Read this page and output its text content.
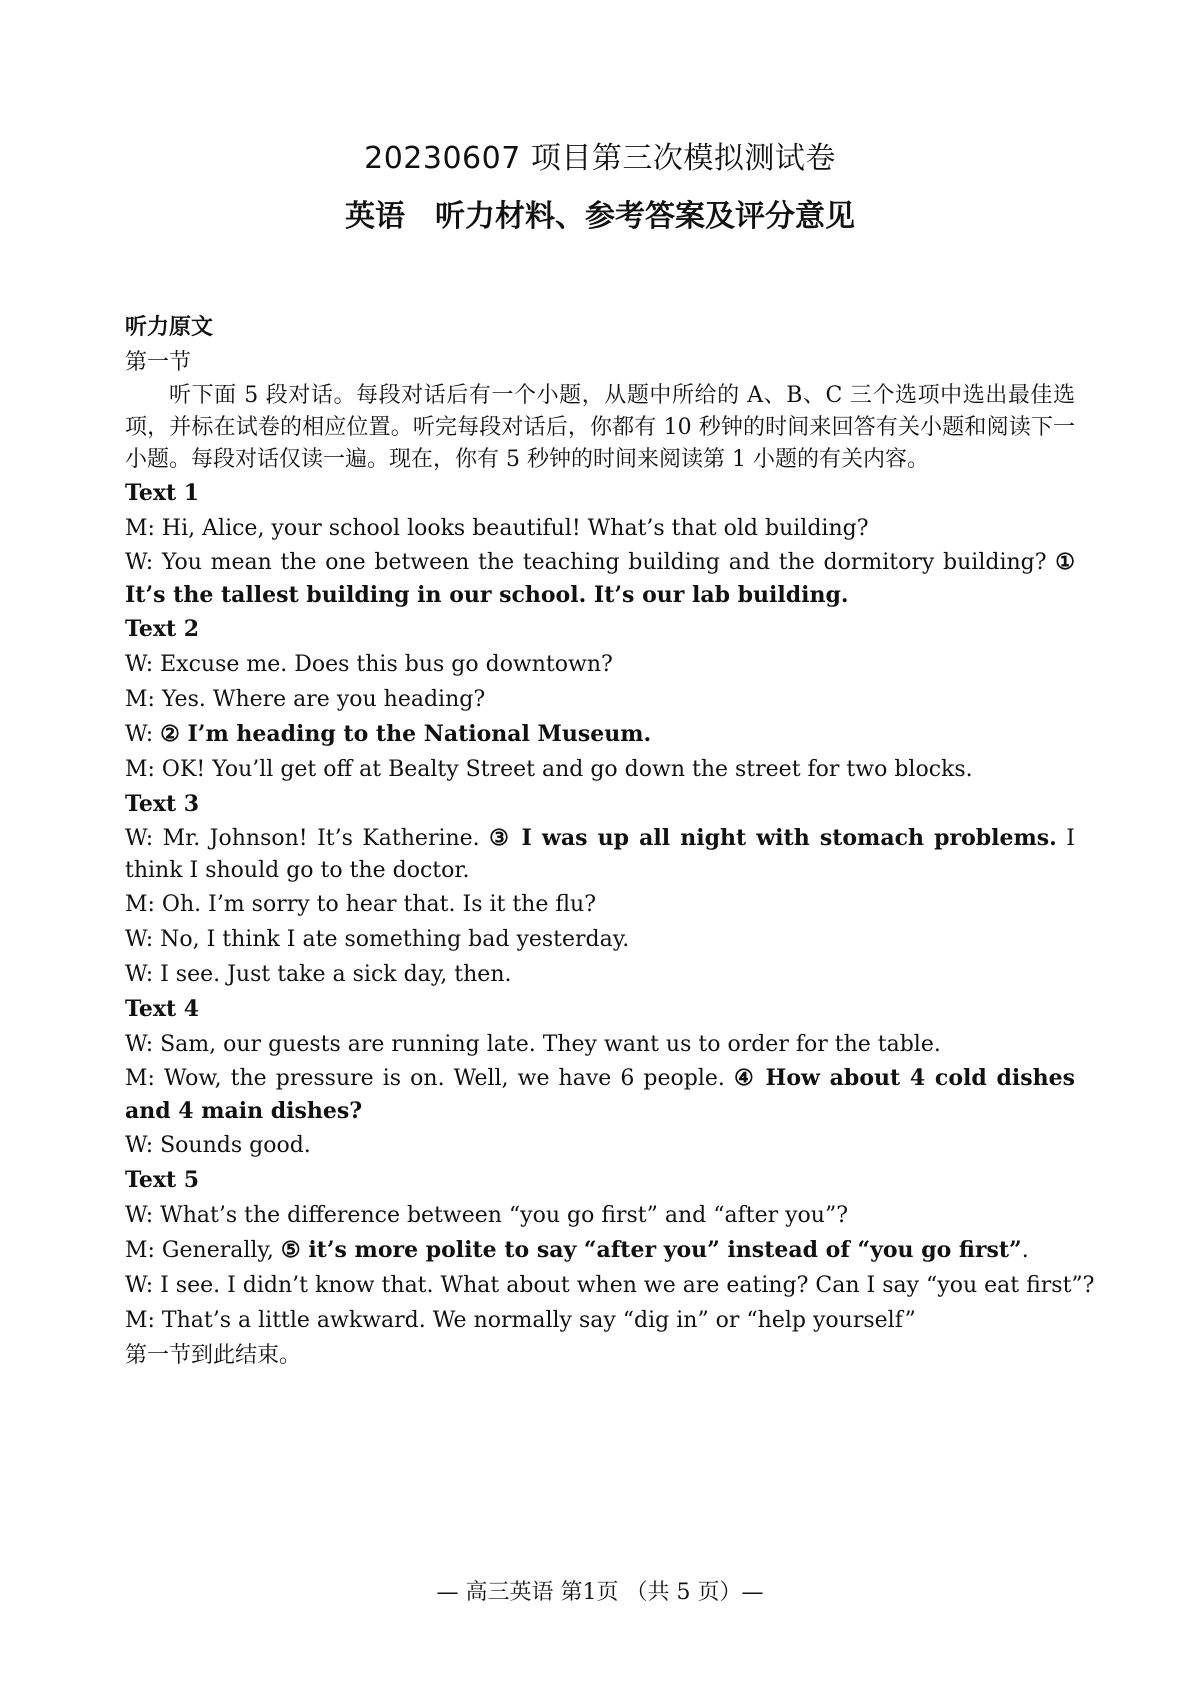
20230607 项目第三次模拟测试卷
英语 听力材料、参考答案及评分意见
听力原文
第一节
听下面 5 段对话。每段对话后有一个小题，从题中所给的 A、B、C 三个选项中选出最佳选项，并标在试卷的相应位置。听完每段对话后，你都有 10 秒钟的时间来回答有关小题和阅读下一小题。每段对话仅读一遍。现在，你有 5 秒钟的时间来阅读第 1 小题的有关内容。
Text 1
M: Hi, Alice, your school looks beautiful! What’s that old building?
W: You mean the one between the teaching building and the dormitory building? ① It’s the tallest building in our school. It’s our lab building.
Text 2
W: Excuse me. Does this bus go downtown?
M: Yes. Where are you heading?
W: ② I’m heading to the National Museum.
M: OK! You’ll get off at Bealty Street and go down the street for two blocks.
Text 3
W: Mr. Johnson! It’s Katherine. ③ I was up all night with stomach problems. I think I should go to the doctor.
M: Oh. I’m sorry to hear that. Is it the flu?
W: No, I think I ate something bad yesterday.
W: I see. Just take a sick day, then.
Text 4
W: Sam, our guests are running late. They want us to order for the table.
M: Wow, the pressure is on. Well, we have 6 people. ④ How about 4 cold dishes and 4 main dishes?
W: Sounds good.
Text 5
W: What’s the difference between “you go first” and “after you”?
M: Generally, ⑤ it’s more polite to say “after you” instead of “you go first”.
W: I see. I didn’t know that. What about when we are eating? Can I say “you eat first”?
M: That’s a little awkward. We normally say “dig in” or “help yourself”
第一节到此结束。
— 高三英语 第1页 （共 5 页）—
